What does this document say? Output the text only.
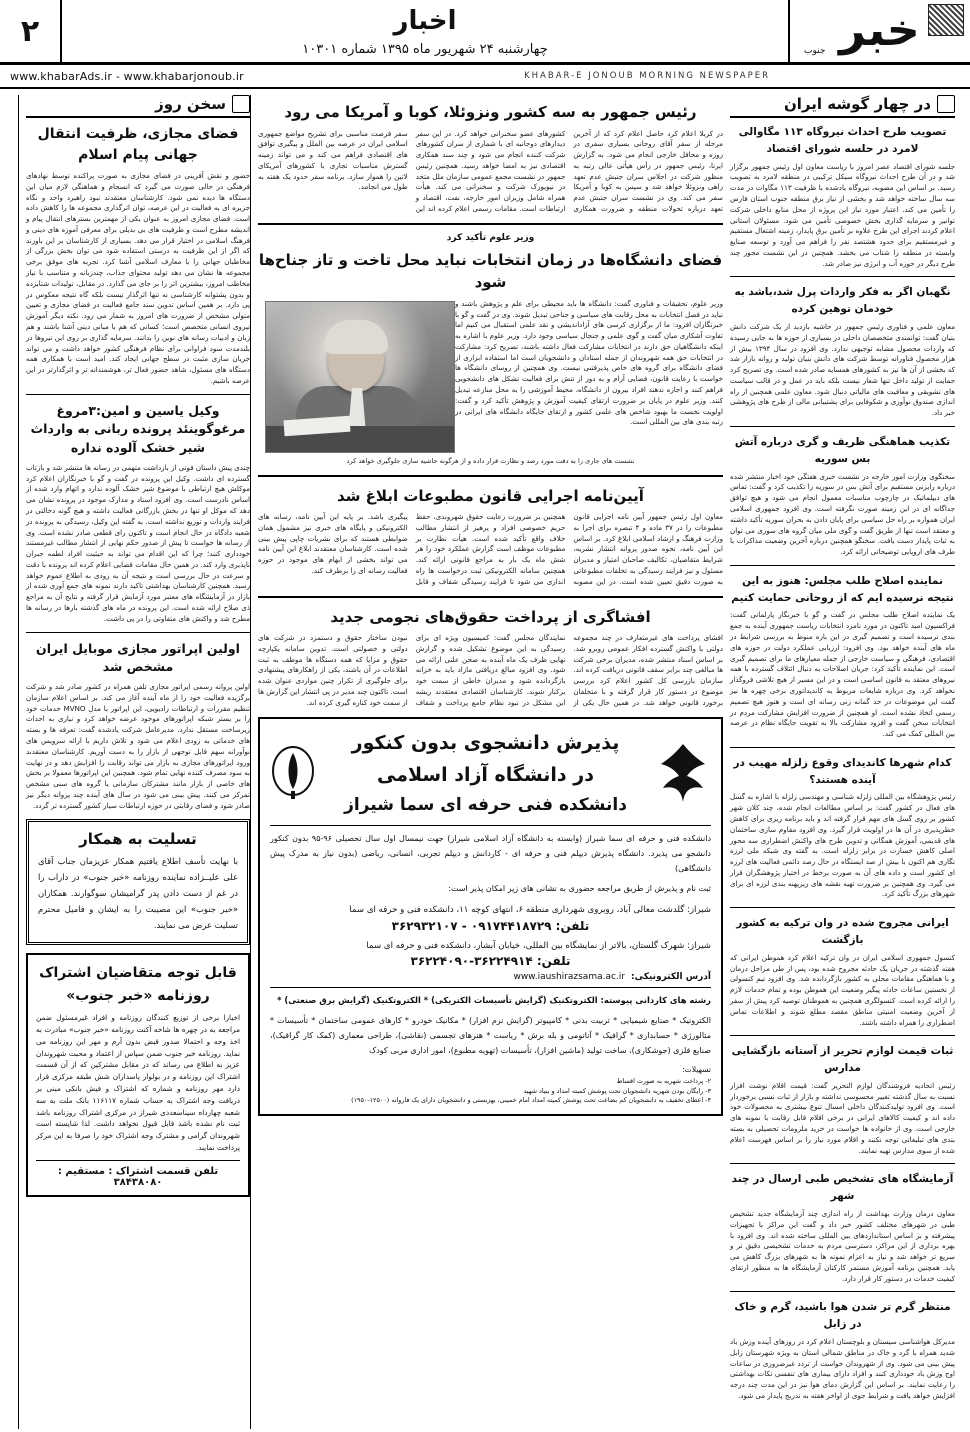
خبر
جنوب
اخبار
چهارشنبه ۲۴ شهریور ماه ۱۳۹۵ شماره ۱۰۳۰۱
۲
KHABAR-E JONOUB MORNING NEWSPAPER
www.khabarAds.ir - www.khabarjonoub.ir
در چهار گوشه ایران
تصویب طرح احداث نیروگاه ۱۱۳ مگاوالی لامرد در حلسه شورای اقتصاد
جلسه شورای اقتصاد عصر امروز با ریاست معاون اول رئیس جمهور برگزار شد و در آن طرح احداث نیروگاه سیکل ترکیبی در منطقه لامرد به تصویب رسید. بر اساس این مصوبه، نیروگاه یادشده با ظرفیت ۱۱۳ مگاوات در مدت سه سال ساخته خواهد شد و بخشی از نیاز برق منطقه جنوب استان فارس را تأمین می کند. اعتبار مورد نیاز این پروژه از محل منابع داخلی شرکت توانیر و سرمایه گذاری بخش خصوصی تأمین می شود. مسئولان استانی اعلام کردند اجرای این طرح علاوه بر تأمین برق پایدار، زمینه اشتغال مستقیم و غیرمستقیم برای حدود هشتصد نفر را فراهم می آورد و توسعه صنایع وابسته در منطقه را شتاب می بخشد. همچنین در این نشست مجوز چند طرح دیگر در حوزه آب و انرژی نیز صادر شد.
نگهبان اگر به فکر واردات پرل شد،باشد به خودمان توهین کرده
معاون علمی و فناوری رئیس جمهور در حاشیه بازدید از یک شرکت دانش بنیان گفت: توانمندی متخصصان داخلی در بسیاری از حوزه ها به جایی رسیده که واردات محصول مشابه توجیهی ندارد. وی افزود در سال ۱۳۹۴ بیش از هزار محصول فناورانه توسط شرکت های دانش بنیان تولید و روانه بازار شد که بخشی از آن ها نیز به کشورهای همسایه صادر شده است. وی تصریح کرد حمایت از تولید داخل تنها شعار نیست بلکه باید در عمل و در قالب سیاست های تشویقی و معافیت های مالیاتی دنبال شود. معاون علمی همچنین از راه اندازی صندوق نوآوری و شکوفایی برای پشتیبانی مالی از طرح های پژوهشی خبر داد.
تکذیب هماهنگی ظریف و گری درباره آتش بس سوریه
سخنگوی وزارت امور خارجه در نشست خبری هفتگی خود اخبار منتشر شده درباره رایزنی مستقیم برای آتش بس در سوریه را تکذیب کرد و گفت: تماس های دیپلماتیک در چارچوب مناسبات معمول انجام می شود و هیچ توافق جداگانه ای در این زمینه صورت نگرفته است. وی افزود جمهوری اسلامی ایران همواره بر راه حل سیاسی برای پایان دادن به بحران سوریه تأکید داشته و معتقد است تنها از طریق گفت و گوی ملی میان گروه های سوری می توان به ثبات پایدار دست یافت. سخنگو همچنین درباره آخرین وضعیت مذاکرات با طرف های اروپایی توضیحاتی ارائه کرد.
نماینده اصلاح طلب مجلس: هنوز به این نتیجه نرسیده ایم که از روحانی حمایت کنیم
یک نماینده اصلاح طلب مجلس در گفت و گو با خبرنگار پارلمانی گفت: فراکسیون امید تاکنون در مورد نامزد انتخابات ریاست جمهوری آینده به جمع بندی نرسیده است و تصمیم گیری در این باره منوط به بررسی شرایط در ماه های آینده خواهد بود. وی افزود: ارزیابی عملکرد دولت در حوزه های اقتصادی، فرهنگی و سیاست خارجی از جمله معیارهای ما برای تصمیم گیری است. این نماینده تأکید کرد: جریان اصلاحات به دنبال ائتلاف گسترده با همه نیروهای معتقد به قانون اساسی است و در این مسیر از هیچ تلاشی فروگذار نخواهد کرد. وی درباره شایعات مربوط به کاندیداتوری برخی چهره ها نیز گفت این موضوعات در حد گمانه زنی رسانه ای است و هنوز هیچ تصمیم رسمی اتخاذ نشده است. او همچنین از ضرورت افزایش مشارکت مردم در انتخابات سخن گفت و افزود مشارکت بالا به تقویت جایگاه نظام در عرصه بین المللی کمک می کند.
کدام شهرها کاندیدای وقوع زلزله مهیب در آینده هستند؟
رئیس پژوهشگاه بین المللی زلزله شناسی و مهندسی زلزله با اشاره به گسل های فعال در کشور گفت: بر اساس مطالعات انجام شده، چند کلان شهر کشور بر روی گسل های مهم قرار گرفته اند و باید برنامه ریزی برای کاهش خطرپذیری در آن ها در اولویت قرار گیرد. وی افزود مقاوم سازی ساختمان های قدیمی، آموزش همگانی و تدوین طرح های واکنش اضطراری سه محور اصلی کاهش خسارت در برابر زلزله است. به گفته وی شبکه ملی لرزه نگاری هم اکنون با بیش از صد ایستگاه در حال رصد دائمی فعالیت های لرزه ای کشور است و داده های آن به صورت برخط در اختیار پژوهشگران قرار می گیرد. وی همچنین بر ضرورت تهیه نقشه های ریزپهنه بندی لرزه ای برای شهرهای بزرگ تأکید کرد.
ایرانی مجروح شده در وان ترکیه به کشور بازگشت
کنسول جمهوری اسلامی ایران در وان ترکیه اعلام کرد هموطن ایرانی که هفته گذشته در جریان یک حادثه مجروح شده بود، پس از طی مراحل درمان و با هماهنگی مقامات محلی به کشور بازگردانده شد. وی افزود تیم کنسولی از نخستین ساعات حادثه پیگیر وضعیت این هموطن بوده و تمام خدمات لازم را ارائه کرده است. کنسولگری همچنین به هموطنان توصیه کرد پیش از سفر از آخرین وضعیت امنیتی مناطق مقصد مطلع شوند و اطلاعات تماس اضطراری را همراه داشته باشند.
ثبات قیمت لوازم تحریر از آستانه بازگشایی مدارس
رئیس اتحادیه فروشندگان لوازم التحریر گفت: قیمت اقلام نوشت افزار نسبت به سال گذشته تغییر محسوسی نداشته و بازار از ثبات نسبی برخوردار است. وی افزود تولیدکنندگان داخلی امسال تنوع بیشتری به محصولات خود داده اند و کیفیت کالاهای ایرانی در برخی اقلام قابل رقابت با نمونه های خارجی است. وی از خانواده ها خواست در خرید ملزومات تحصیلی به بسته بندی های تبلیغاتی توجه نکنند و اقلام مورد نیاز را بر اساس فهرست اعلام شده از سوی مدارس تهیه نمایند.
آزمایشگاه های تشخیص طبی ارسال در چند شهر
معاون درمان وزارت بهداشت از راه اندازی چند آزمایشگاه جدید تشخیص طبی در شهرهای مختلف کشور خبر داد و گفت این مراکز با تجهیزات پیشرفته و بر اساس استانداردهای بین المللی ساخته شده اند. وی افزود با بهره برداری از این مراکز، دسترسی مردم به خدمات تشخیصی دقیق تر و سریع تر خواهد شد و نیاز به اعزام نمونه ها به شهرهای بزرگ کاهش می یابد. همچنین برنامه آموزش مستمر کارکنان آزمایشگاه ها به منظور ارتقای کیفیت خدمات در دستور کار قرار دارد.
منتظر گرم تر شدن هوا باشید، گرم و خاک در زابل
مدیرکل هواشناسی سیستان و بلوچستان اعلام کرد در روزهای آینده وزش باد شدید همراه با گرد و خاک در مناطق شمالی استان به ویژه شهرستان زابل پیش بینی می شود. وی از شهروندان خواست از تردد غیرضروری در ساعات اوج وزش باد خودداری کنند و افراد دارای بیماری های تنفسی نکات بهداشتی را رعایت نمایند. بر اساس این گزارش دمای هوا نیز در این مدت چند درجه افزایش خواهد یافت و شرایط جوی از اواخر هفته به تدریج پایدار می شود.
رئیس جمهور به سه کشور ونزوئلا، کوبا و آمریکا می رود
در کربلا اعلام کرد حاصل اعلام کرد که از آخرین مرحله از سفر آقای روحانی بسیاری سفری در روزه و محافل خارجی انجام می شود. به گزارش ایرنا، رئیس جمهور در رأس هیأتی عالی رتبه به منظور شرکت در اجلاس سران جنبش عدم تعهد راهی ونزوئلا خواهد شد و سپس به کوبا و آمریکا سفر می کند. وی در نشست سران جنبش عدم تعهد درباره تحولات منطقه و ضرورت همکاری کشورهای عضو سخنرانی خواهد کرد. در این سفر دیدارهای دوجانبه ای با شماری از سران کشورهای شرکت کننده انجام می شود و چند سند همکاری اقتصادی نیز به امضا خواهد رسید. همچنین رئیس جمهور در نشست مجمع عمومی سازمان ملل متحد در نیویورک شرکت و سخنرانی می کند. هیأت همراه شامل وزیران امور خارجه، نفت، اقتصاد و ارتباطات است. مقامات رسمی اعلام کرده اند این سفر فرصت مناسبی برای تشریح مواضع جمهوری اسلامی ایران در عرصه بین الملل و پیگیری توافق های اقتصادی فراهم می کند و می تواند زمینه گسترش مناسبات تجاری با کشورهای آمریکای لاتین را هموار سازد. برنامه سفر حدود یک هفته به طول می انجامد.
وزیر علوم تأکید کرد
فضای دانشگاه‌ها در زمان انتخابات نباید محل تاخت و تاز جناح‌ها شود
وزیر علوم، تحقیقات و فناوری گفت: دانشگاه ها باید محیطی برای علم و پژوهش باشند و نباید در فصل انتخابات به محل رقابت های سیاسی و جناحی تبدیل شوند. وی در گفت و گو با خبرنگاران افزود: ما از برگزاری کرسی های آزاداندیشی و نقد علمی استقبال می کنیم اما تفاوت آشکاری میان گفت و گوی علمی و جنجال سیاسی وجود دارد. وزیر علوم با اشاره به اینکه دانشگاهیان حق دارند در انتخابات مشارکت فعال داشته باشند، تصریح کرد: مشارکت در انتخابات حق همه شهروندان از جمله استادان و دانشجویان است اما استفاده ابزاری از فضای دانشگاه برای گروه های خاص پذیرفتنی نیست. وی همچنین از روسای دانشگاه ها خواست با رعایت قانون، فضایی آرام و به دور از تنش برای فعالیت تشکل های دانشجویی فراهم کنند و اجازه ندهند افراد بیرون از دانشگاه، محیط آموزشی را به محل منازعه تبدیل کنند. وزیر علوم در پایان بر ضرورت ارتقای کیفیت آموزش و پژوهش تأکید کرد و گفت: اولویت نخست ما بهبود شاخص های علمی کشور و ارتقای جایگاه دانشگاه های ایرانی در رتبه بندی های بین المللی است.
نشست های جاری را به دقت مورد رصد و نظارت قرار داده و از هرگونه حاشیه سازی جلوگیری خواهد کرد
آیین‌نامه اجرایی قانون مطبوعات ابلاغ شد
معاون اول رئیس جمهور آیین نامه اجرایی قانون مطبوعات را در ۳۷ ماده و ۴ تبصره برای اجرا به وزارت فرهنگ و ارشاد اسلامی ابلاغ کرد. بر اساس این آیین نامه، نحوه صدور پروانه انتشار نشریه، شرایط متقاضیان، تکالیف صاحبان امتیاز و مدیران مسئول و نیز فرایند رسیدگی به تخلفات مطبوعاتی به صورت دقیق تعیین شده است. در این مصوبه همچنین بر ضرورت رعایت حقوق شهروندی، حفظ حریم خصوصی افراد و پرهیز از انتشار مطالب خلاف واقع تأکید شده است. هیأت نظارت بر مطبوعات موظف است گزارش عملکرد خود را هر شش ماه یک بار به مراجع قانونی ارائه کند. همچنین سامانه الکترونیکی ثبت درخواست ها راه اندازی می شود تا فرایند رسیدگی شفاف و قابل پیگیری باشد. بر پایه این آیین نامه، رسانه های الکترونیکی و پایگاه های خبری نیز مشمول همان ضوابطی هستند که برای نشریات چاپی پیش بینی شده است. کارشناسان معتقدند ابلاغ این آیین نامه می تواند بخشی از ابهام های موجود در حوزه فعالیت رسانه ای را برطرف کند.
افشاگری از پرداخت حقوق‌های نجومی جدید
افشای پرداخت های غیرمتعارف در چند مجموعه دولتی با واکنش گسترده افکار عمومی روبرو شد. بر اساس اسناد منتشر شده، مدیران برخی شرکت ها مبالغی چند برابر سقف قانونی دریافت کرده اند. سازمان بازرسی کل کشور اعلام کرد بررسی موضوع در دستور کار قرار گرفته و با متخلفان برخورد قانونی خواهد شد. در همین حال یکی از نمایندگان مجلس گفت: کمیسیون ویژه ای برای رسیدگی به این موضوع تشکیل شده و گزارش نهایی ظرف یک ماه آینده به صحن علنی ارائه می شود. وی افزود مبالغ دریافتی مازاد باید به خزانه بازگردانده شود و مدیران خاطی از سمت خود برکنار شوند. کارشناسان اقتصادی معتقدند ریشه این مشکل در نبود نظام جامع پرداخت و شفاف نبودن ساختار حقوق و دستمزد در شرکت های دولتی و خصولتی است. تدوین سامانه یکپارچه حقوق و مزایا که همه دستگاه ها موظف به ثبت اطلاعات در آن باشند، یکی از راهکارهای پیشنهادی برای جلوگیری از تکرار چنین مواردی عنوان شده است. تاکنون چند مدیر در پی انتشار این گزارش ها از سمت خود کناره گیری کرده اند.
پذیرش دانشجوی بدون کنکور
در دانشگاه آزاد اسلامی
دانشکده فنی حرفه ای سما شیراز
دانشکده فنی و حرفه ای سما شیراز (وابسته به دانشگاه آزاد اسلامی شیراز) جهت نیمسال اول سال تحصیلی ۹۶-۹۵ بدون کنکور دانشجو می پذیرد. دانشگاه پذیرش دیپلم فنی و حرفه ای - کاردانش و دیپلم تجربی، انسانی، ریاضی (بدون نیاز به مدرک پیش دانشگاهی)
ثبت نام و پذیرش از طریق مراجعه حضوری به نشانی های زیر امکان پذیر است:
شیراز: گلدشت معالی آباد، روبروی شهرداری منطقه ۶، انتهای کوچه ۱۱، دانشکده فنی و حرفه ای سما
تلفن: ۰۹۱۷۴۴۱۸۷۲۹ - ۳۶۲۹۳۲۱۰۷
شیراز: شهرک گلستان، بالاتر از نمایشگاه بین المللی، خیابان آبشار، دانشکده فنی و حرفه ای سما
تلفن: ۳۶۲۲۴۹۱۴-۳۶۲۲۴۰۹۰
آدرس الکترونیکی:
www.iaushirazsama.ac.ir
رشته های کاردانی پیوسته: الکتروتکنیک (گرایش تأسیسات الکتریکی) * الکتروتکنیک (گرایش برق صنعتی) *
الکترونیک * صنایع شیمیایی * تربیت بدنی * کامپیوتر (گرایش نرم افزار) * مکانیک خودرو * کارهای عمومی ساختمان * تأسیسات * متالورژی * حسابداری * گرافیک * آناتومی و بله برش * ریاست * هنرهای تجسمی (نقاشی)، طراحی معماری (کمک کار گرافیک)، صنایع فلزی (جوشکاری)، ساخت تولید (ماشین افزار)، تأسیسات (تهویه مطبوع)، امور اداری مربی کودک
تسهیلات:
۲- پرداخت شهریه به صورت اقساط
۳- رایگان بودن شهریه دانشجویان تحت پوشش کمیته امداد و بنیاد شهید
۴- اعطای تخفیف به دانشجویان کم بضاعت تحت پوشش کمیته امداد امام خمینی، بهزیستی و دانشجویان دارای یک فاروانه (۱۲۵۰۰-۱۹۵۰)
سخن روز
فضای مجازی، ظرفیت انتقال جهانی پیام اسلام
حضور و نقش آفرینی در فضای مجازی به صورت پراکنده توسط نهادهای فرهنگی در حالی صورت می گیرد که انسجام و هماهنگی لازم میان این دستگاه ها دیده نمی شود. کارشناسان معتقدند نبود راهبرد واحد و نگاه جزیره ای به فعالیت در این عرصه، توان اثرگذاری مجموعه ها را کاهش داده است. فضای مجازی امروز به عنوان یکی از مهمترین بسترهای انتقال پیام و اندیشه مطرح است و ظرفیت های بی بدیلی برای معرفی آموزه های دینی و فرهنگ اسلامی در اختیار قرار می دهد. بسیاری از کارشناسان بر این باورند که اگر از این ظرفیت به درستی استفاده شود می توان بخش بزرگی از مخاطبان جهانی را با معارف اسلامی آشنا کرد. تجربه های موفق برخی مجموعه ها نشان می دهد تولید محتوای جذاب، چندزبانه و متناسب با نیاز مخاطب امروز، بیشترین اثر را بر جای می گذارد. در مقابل، تولیدات شتابزده و بدون پشتوانه کارشناسی نه تنها اثرگذار نیست بلکه گاه نتیجه معکوس در پی دارد. بر همین اساس تدوین سند جامع فعالیت در فضای مجازی و تعیین متولی مشخص از ضرورت های امروز به شمار می رود. نکته دیگر آموزش نیروی انسانی متخصص است؛ کسانی که هم با مبانی دینی آشنا باشند و هم زبان و ادبیات رسانه های نوین را بدانند. سرمایه گذاری بر روی این نیروها در بلندمدت سود فراوانی برای نظام فرهنگی کشور خواهد داشت و می تواند جریان سازی مثبت در سطح جهانی ایجاد کند. امید است با همکاری همه دستگاه های مسئول، شاهد حضور فعال تر، هوشمندانه تر و اثرگذارتر در این عرصه باشیم.
وکیل یاسین و امین:۳مروغ مرغوگوینئد پرونده ربانی به وارداث شیر خشک آلوده نداره
چندی پیش داستان فوتی از بازداشت متهمی در رسانه ها منتشر شد و بازتاب گسترده ای داشت. وکیل این پرونده در گفت و گو با خبرنگاران اعلام کرد موکلش هیچ ارتباطی با موضوع شیر خشک آلوده ندارد و اتهام وارد شده از اساس نادرست است. وی افزود اسناد و مدارک موجود در پرونده نشان می دهد که موکل او تنها در بخش بازرگانی فعالیت داشته و هیچ گونه دخالتی در فرایند واردات و توزیع نداشته است. به گفته این وکیل، رسیدگی به پرونده در شعبه دادگاه در حال انجام است و تاکنون رای قطعی صادر نشده است. وی از رسانه ها خواست تا پیش از صدور حکم نهایی از انتشار مطالب غیرمستند خودداری کنند؛ چرا که این اقدام می تواند به حیثیت افراد لطمه جبران ناپذیری وارد کند. در همین حال مقامات قضایی اعلام کرده اند پرونده با دقت و سرعت در حال بررسی است و نتیجه آن به زودی به اطلاع عموم خواهد رسید. همچنین کارشناسان بهداشتی تاکید دارند نمونه های جمع آوری شده از بازار در آزمایشگاه های معتبر مورد آزمایش قرار گرفته و نتایج آن به مراجع ذی صلاح ارائه شده است. این پرونده در ماه های گذشته بارها در رسانه ها مطرح شد و واکنش های متفاوتی را در پی داشت.
اولین اپراتور مجازی موبایل ایران مشخص شد
اولین پروانه رسمی اپراتور مجازی تلفن همراه در کشور صادر شد و شرکت برگزیده فعالیت خود را از ماه آینده آغاز می کند. بر اساس اعلام سازمان تنظیم مقررات و ارتباطات رادیویی، این اپراتور با مدل MVNO خدمات خود را بر بستر شبکه اپراتورهای موجود عرضه خواهد کرد و نیازی به احداث زیرساخت مستقل ندارد. مدیرعامل شرکت یادشده گفت: تعرفه ها و بسته های خدماتی به زودی اعلام می شود و تلاش داریم با ارائه سرویس های نوآورانه سهم قابل توجهی از بازار را به دست آوریم. کارشناسان معتقدند ورود اپراتورهای مجازی به بازار می تواند رقابت را افزایش دهد و در نهایت به سود مصرف کننده نهایی تمام شود. همچنین این اپراتورها معمولا بر بخش های خاصی از بازار مانند مشترکان سازمانی یا گروه های سنی مشخص تمرکز می کنند. پیش بینی می شود در سال های آینده چند پروانه دیگر نیز صادر شود و فضای رقابتی در حوزه ارتباطات سیار کشور گسترده تر گردد.
تسلیت به همکار
با نهایت تأسف اطلاع یافتیم همکار عزیزمان جناب آقای علی علیــزاده نماینده روزنامه «خبر جنوب» در داراب را در غم از دست دادن پدر گرامیشان سوگوارند. همکاران «خبر جنوب» این مصیبت را به ایشان و فامیل محترم تسلیت عرض می نمایند.
قابل توجه متقاضیان اشتراک روزنامه «خبر جنوب»
اخبارا برخی از توزیع کنندگان روزنامه و افراد غیرمسئول ضمن مراجعه به در چهره ها شاخه آکنت روزنامه «خبر جنوب» مبادرت به اخذ وجه و احتمالا صدور قبض بدون آرم و مهر این روزنامه می نماید. روزنامه خبر جنوب ضمن سپاس از اعتماد و محبت شهروندان عزیز به اطلاع می رساند که در مقابل مشترکین که از آن قسمت اشتراک این روزنامه و در بولوار پاسداران شش طبقه مرکزی قرار دارد مهر روزنامه و شماره که اشتراک و فیش بانکی مبنی بر دریافت وجه اشتراک به حساب شماره ۱۱۶۱۱۷ بانک ملت به سه شعبه چهارداه سیناسعددی شیراز در مرکزی اشتراک روزنامه باشد ثبت نام نشده باشد قابل قبول نخواهد داشت. لذا شایسته است شهروندان گرامی و مشترک وجه اشتراک خود را صرفا به این مرکز پرداخت نمایند.
تلفن قسمت اشتراک : مستقیم : ۳۸۴۳۸۰۸۰
